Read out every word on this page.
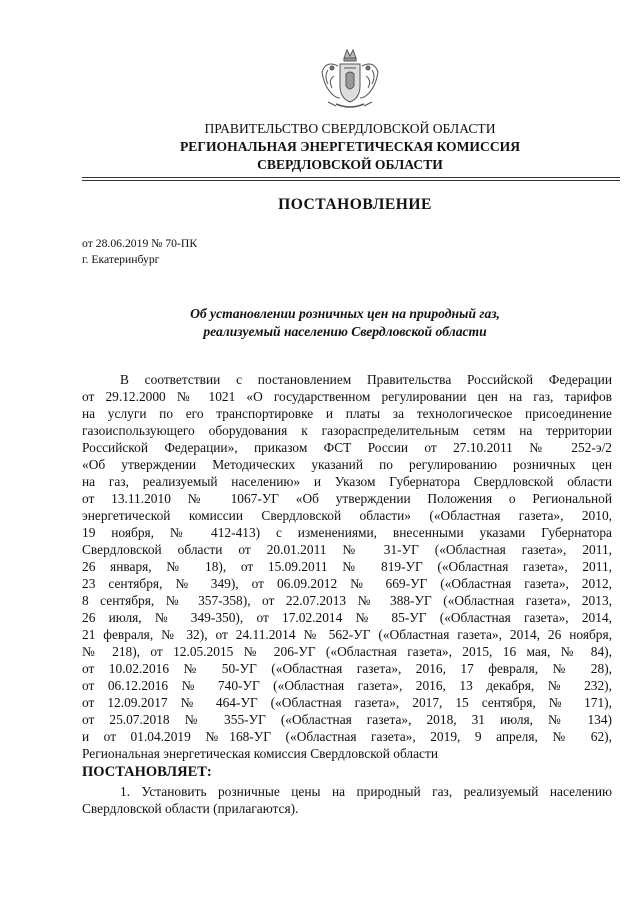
ПРАВИТЕЛЬСТВО СВЕРДЛОВСКОЙ ОБЛАСТИ
РЕГИОНАЛЬНАЯ ЭНЕРГЕТИЧЕСКАЯ КОМИССИЯ
СВЕРДЛОВСКОЙ ОБЛАСТИ
ПОСТАНОВЛЕНИЕ
от 28.06.2019 № 70-ПК
г. Екатеринбург
Об установлении розничных цен на природный газ,
реализуемый населению Свердловской области
В соответствии с постановлением Правительства Российской Федерации
от 29.12.2000 № 1021 «О государственном регулировании цен на газ, тарифов
на услуги по его транспортировке и платы за технологическое присоединение
газоиспользующего оборудования к газораспределительным сетям на территории
Российской Федерации», приказом ФСТ России от 27.10.2011 № 252-э/2
«Об утверждении Методических указаний по регулированию розничных цен
на газ, реализуемый населению» и Указом Губернатора Свердловской области
от 13.11.2010 № 1067-УГ «Об утверждении Положения о Региональной
энергетической комиссии Свердловской области» («Областная газета», 2010,
19 ноября, № 412-413) с изменениями, внесенными указами Губернатора
Свердловской области от 20.01.2011 № 31-УГ («Областная газета», 2011,
26 января, № 18), от 15.09.2011 № 819-УГ («Областная газета», 2011,
23 сентября, № 349), от 06.09.2012 № 669-УГ («Областная газета», 2012,
8 сентября, № 357-358), от 22.07.2013 № 388-УГ («Областная газета», 2013,
26 июля, № 349-350), от 17.02.2014 № 85-УГ («Областная газета», 2014,
21 февраля, № 32), от 24.11.2014 № 562-УГ («Областная газета», 2014, 26 ноября,
№ 218), от 12.05.2015 № 206-УГ («Областная газета», 2015, 16 мая, № 84),
от 10.02.2016 № 50-УГ («Областная газета», 2016, 17 февраля, № 28),
от 06.12.2016 № 740-УГ («Областная газета», 2016, 13 декабря, № 232),
от 12.09.2017 № 464-УГ («Областная газета», 2017, 15 сентября, № 171),
от 25.07.2018 № 355-УГ («Областная газета», 2018, 31 июля, № 134)
и от 01.04.2019 №168-УГ («Областная газета», 2019, 9 апреля, № 62),
Региональная энергетическая комиссия Свердловской области
ПОСТАНОВЛЯЕТ:
1. Установить розничные цены на природный газ, реализуемый населению
Свердловской области (прилагаются).
